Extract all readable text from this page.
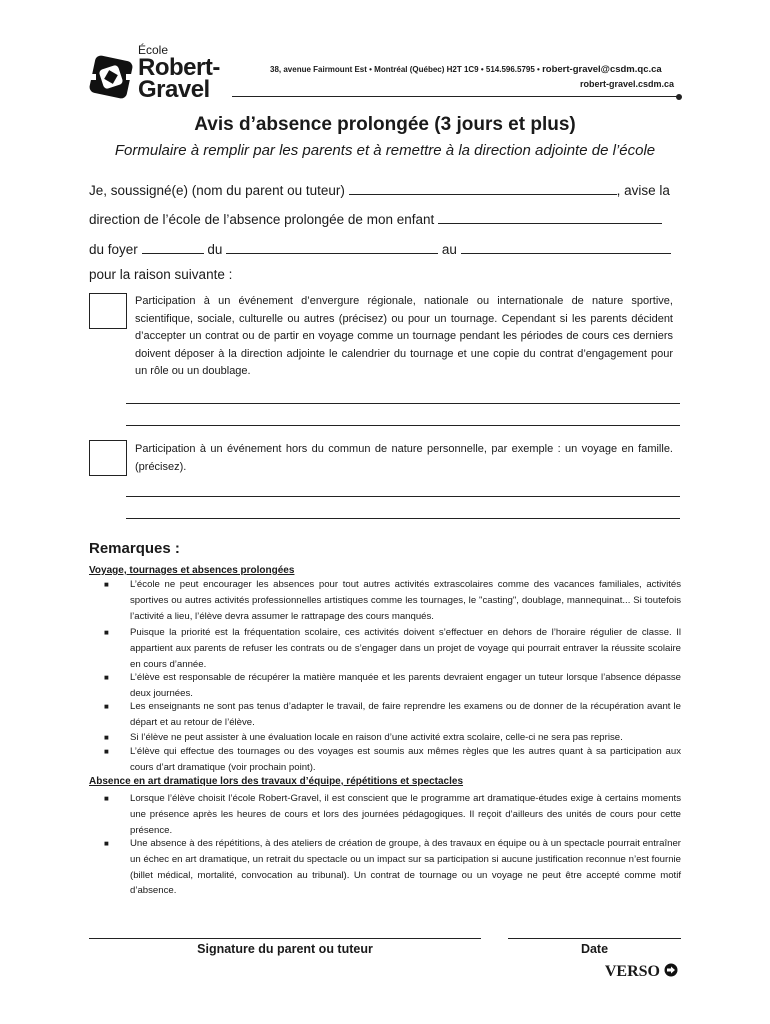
École
Robert-
Gravel
38, avenue Fairmount Est • Montréal (Québec) H2T 1C9 • 514.596.5795 • robert-gravel@csdm.qc.ca
robert-gravel.csdm.ca
Avis d’absence prolongée (3 jours et plus)
Formulaire à remplir par les parents et à remettre à la direction adjointe de l’école
Je, soussigné(e) (nom du parent ou tuteur)	, avise la
direction de l’école de l’absence prolongée de mon enfant
du foyer	du	au
pour la raison suivante :
Participation à un événement d’envergure régionale, nationale ou internationale de nature sportive, scientifique, sociale, culturelle ou autres (précisez) ou pour un tournage. Cependant si les parents décident d’accepter un contrat ou de partir en voyage comme un tournage pendant les périodes de cours ces derniers doivent déposer à la direction adjointe le calendrier du tournage et une copie du contrat d’engagement pour un rôle ou un doublage.
Participation à un événement hors du commun de nature personnelle, par exemple : un voyage en famille. (précisez).
Remarques :
Voyage, tournages et absences prolongées
■ L’école ne peut encourager les absences pour tout autres activités extrascolaires comme des vacances familiales, activités sportives ou autres activités professionnelles artistiques comme les tournages, le "casting", doublage, mannequinat... Si toutefois l’activité a lieu, l’élève devra assumer le rattrapage des cours manqués.
■ Puisque la priorité est la fréquentation scolaire, ces activités doivent s’effectuer en dehors de l’horaire régulier de classe. Il appartient aux parents de refuser les contrats ou de s’engager dans un projet de voyage qui pourrait entraver la réussite scolaire en cours d’année.
■ L’élève est responsable de récupérer la matière manquée et les parents devraient engager un tuteur lorsque l’absence dépasse deux journées.
■ Les enseignants ne sont pas tenus d’adapter le travail, de faire reprendre les examens ou de donner de la récupération avant le départ et au retour de l’élève.
■ Si l’élève ne peut assister à une évaluation locale en raison d’une activité extra scolaire, celle-ci ne sera pas reprise.
■ L’élève qui effectue des tournages ou des voyages est soumis aux mêmes règles que les autres quant à sa participation aux cours d’art dramatique (voir prochain point).
Absence en art dramatique lors des travaux d’équipe, répétitions et spectacles
■ Lorsque l’élève choisit l’école Robert-Gravel, il est conscient que le programme art dramatique-études exige à certains moments une présence après les heures de cours et lors des journées pédagogiques. Il reçoit d’ailleurs des unités de cours pour cette présence.
■ Une absence à des répétitions, à des ateliers de création de groupe, à des travaux en équipe ou à un spectacle pourrait entraîner un échec en art dramatique, un retrait du spectacle ou un impact sur sa participation si aucune justification reconnue n’est fournie (billet médical, mortalité, convocation au tribunal). Un contrat de tournage ou un voyage ne peut être accepté comme motif d’absence.
Signature du parent ou tuteur	Date
VERSO
